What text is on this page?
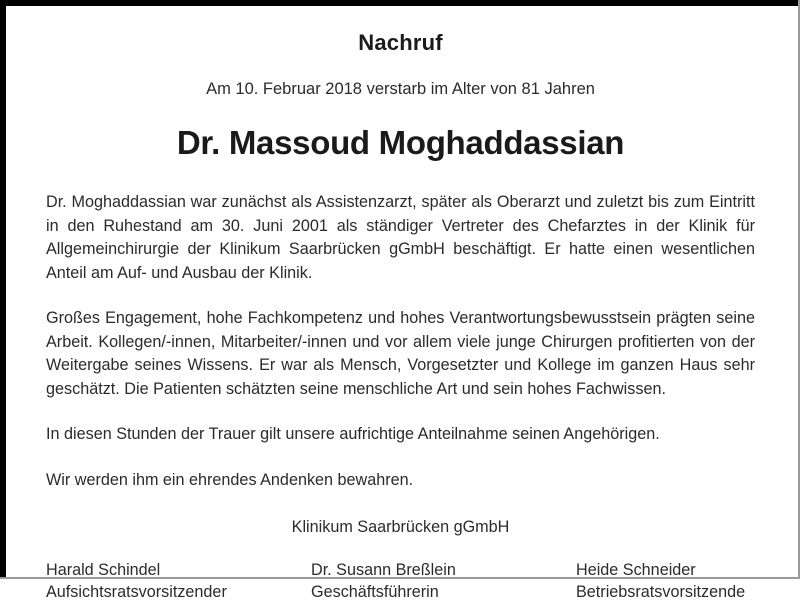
Nachruf
Am 10. Februar 2018 verstarb im Alter von 81 Jahren
Dr. Massoud Moghaddassian

Dr. Moghaddassian war zunächst als Assistenzarzt, später als Oberarzt und zuletzt bis zum Eintritt in den Ruhestand am 30. Juni 2001 als ständiger Vertreter des Chefarztes in der Klinik für Allgemeinchirurgie der Klinikum Saarbrücken gGmbH beschäftigt. Er hatte einen wesentlichen Anteil am Auf- und Ausbau der Klinik.

Großes Engagement, hohe Fachkompetenz und hohes Verantwortungsbewusstsein prägten seine Arbeit. Kollegen/-innen, Mitarbeiter/-innen und vor allem viele junge Chirurgen profitierten von der Weitergabe seines Wissens. Er war als Mensch, Vorgesetzter und Kollege im ganzen Haus sehr geschätzt. Die Patienten schätzten seine menschliche Art und sein hohes Fachwissen.

In diesen Stunden der Trauer gilt unsere aufrichtige Anteilnahme seinen Angehörigen.

Wir werden ihm ein ehrendes Andenken bewahren.

Klinikum Saarbrücken gGmbH
Harald Schindel
Aufsichtsratsvorsitzender
Dr. Susann Breßlein
Geschäftsführerin
Heide Schneider
Betriebsratsvorsitzende
